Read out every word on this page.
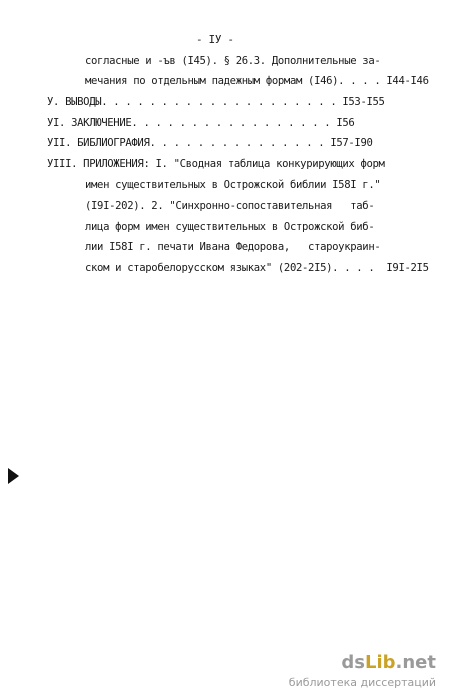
- IУ -
согласные и -ъв (I45). § 26.3. Дополнительные за-
мечания по отдельным падежным формам (I46). . . . I44-I46
У. ВЫВОДЫ. . . . . . . . . . . . . . . . . . . . I53-I55
УI. ЗАКЛЮЧЕНИЕ. . . . . . . . . . . . . . . . . I56
УII. БИБЛИОГРАФИЯ. . . . . . . . . . . . . . . I57-I90
УIII. ПРИЛОЖЕНИЯ: I. "Сводная таблица конкурирующих форм
имен существительных в Острожской библии I58I г."
(I9I-202). 2. "Синхронно-сопоставительная   таб-
лица форм имен существительных в Острожской биб-
лии I58I г. печати Ивана Федорова,   староукраин-
ском и старобелорусском языках" (202-2I5). . . .  I9I-2I5
dsLib.net
библиотека диссертаций
